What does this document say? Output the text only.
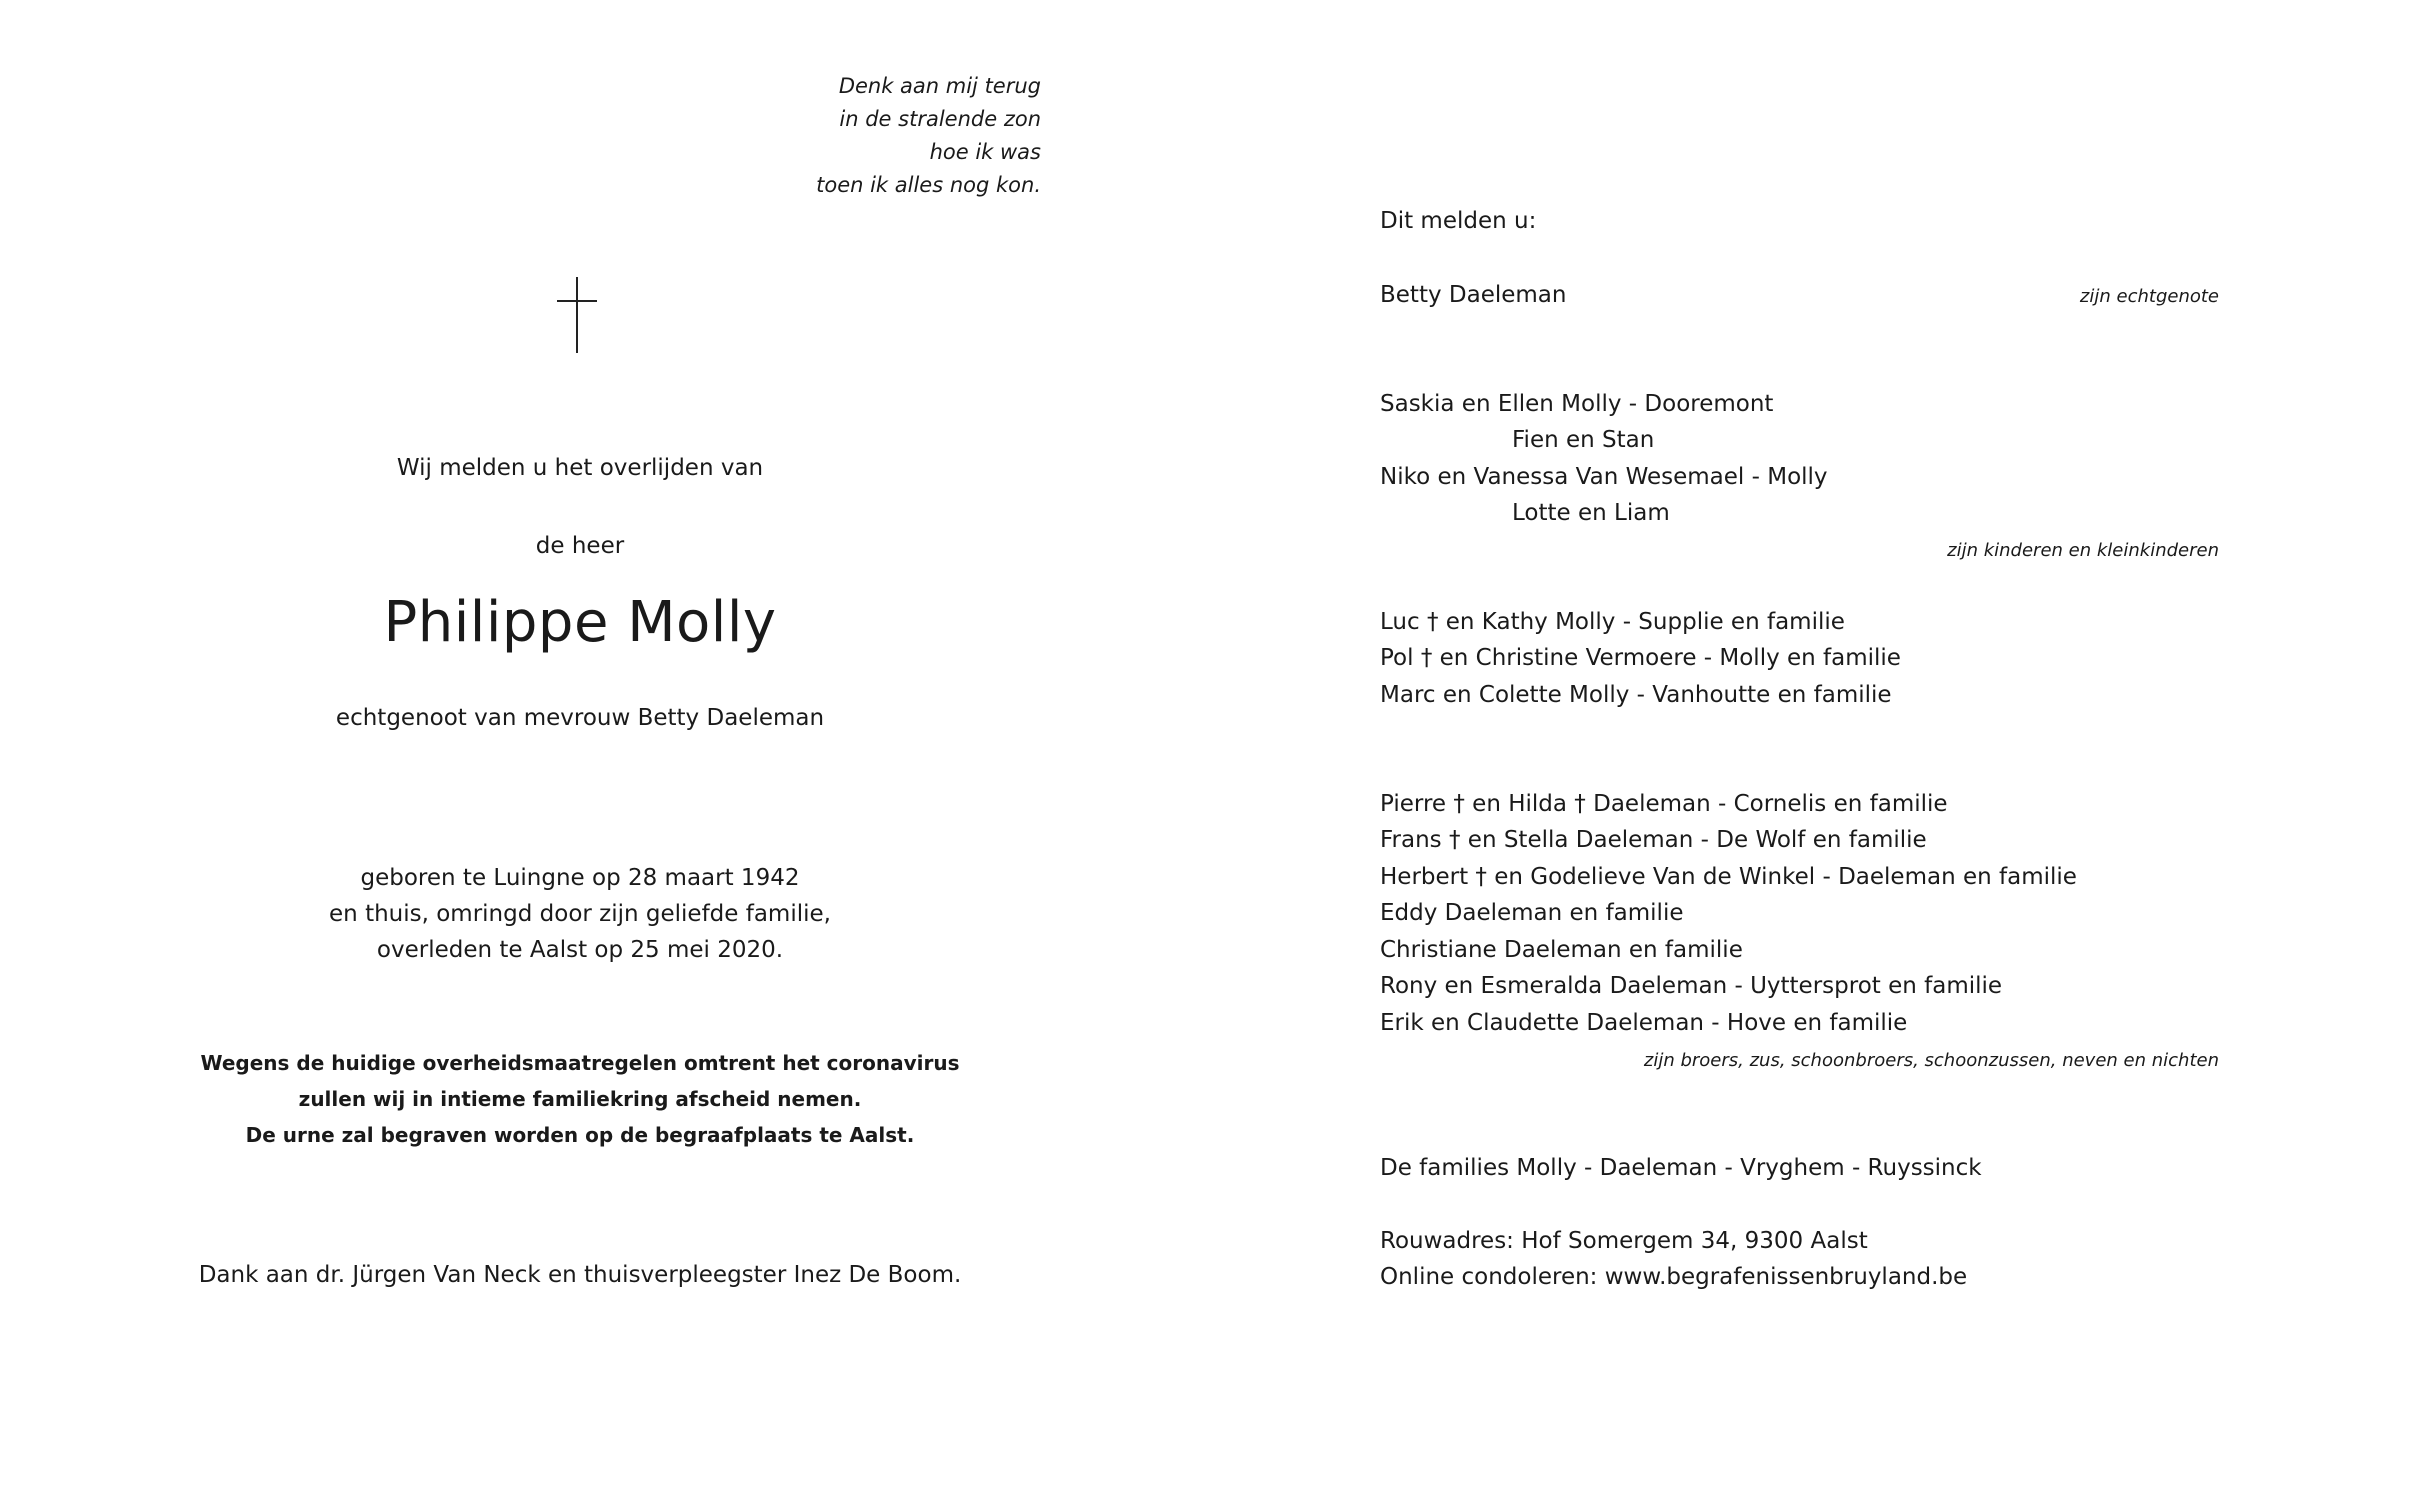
Denk aan mij terug
in de stralende zon
hoe ik was
toen ik alles nog kon.
Wij melden u het overlijden van
de heer
Philippe Molly
echtgenoot van mevrouw Betty Daeleman
geboren te Luingne op 28 maart 1942
en thuis, omringd door zijn geliefde familie,
overleden te Aalst op 25 mei 2020.
Wegens de huidige overheidsmaatregelen omtrent het coronavirus
zullen wij in intieme familiekring afscheid nemen.
De urne zal begraven worden op de begraafplaats te Aalst.
Dank aan dr. Jürgen Van Neck en thuisverpleegster Inez De Boom.
Dit melden u:
Betty Daeleman	zijn echtgenote
Saskia en Ellen Molly - Dooremont
Fien en Stan
Niko en Vanessa Van Wesemael - Molly
Lotte en Liam
zijn kinderen en kleinkinderen
Luc † en Kathy Molly - Supplie en familie
Pol † en Christine Vermoere - Molly en familie
Marc en Colette Molly - Vanhoutte en familie
Pierre † en Hilda † Daeleman - Cornelis en familie
Frans † en Stella Daeleman - De Wolf en familie
Herbert † en Godelieve Van de Winkel - Daeleman en familie
Eddy Daeleman en familie
Christiane Daeleman en familie
Rony en Esmeralda Daeleman - Uyttersprot en familie
Erik en Claudette Daeleman - Hove en familie
zijn broers, zus, schoonbroers, schoonzussen, neven en nichten
De families Molly - Daeleman - Vryghem - Ruyssinck
Rouwadres: Hof Somergem 34, 9300 Aalst
Online condoleren: www.begrafenissenbruyland.be
